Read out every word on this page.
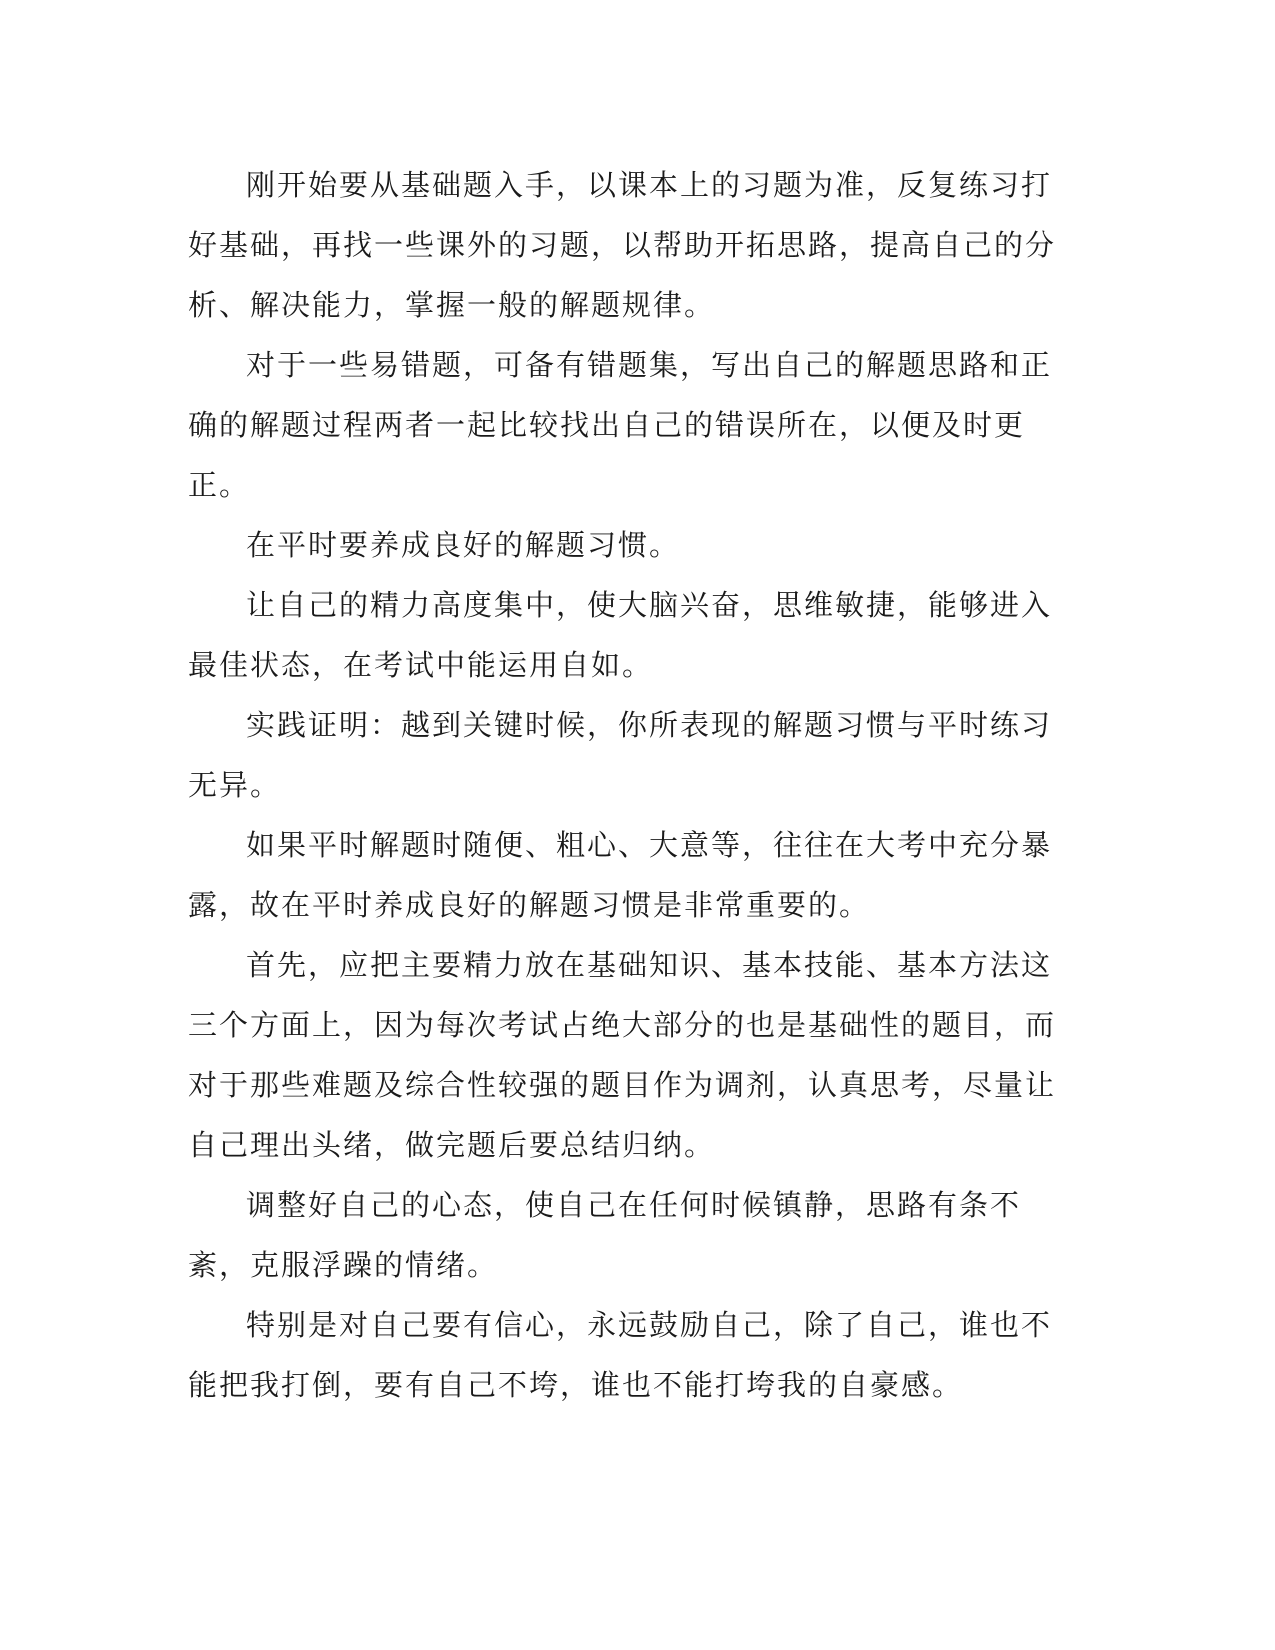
刚开始要从基础题入手，以课本上的习题为准，反复练习打好基础，再找一些课外的习题，以帮助开拓思路，提高自己的分析、解决能力，掌握一般的解题规律。

对于一些易错题，可备有错题集，写出自己的解题思路和正确的解题过程两者一起比较找出自己的错误所在，以便及时更正。

在平时要养成良好的解题习惯。

让自己的精力高度集中，使大脑兴奋，思维敏捷，能够进入最佳状态，在考试中能运用自如。

实践证明：越到关键时候，你所表现的解题习惯与平时练习无异。

如果平时解题时随便、粗心、大意等，往往在大考中充分暴露，故在平时养成良好的解题习惯是非常重要的。

首先，应把主要精力放在基础知识、基本技能、基本方法这三个方面上，因为每次考试占绝大部分的也是基础性的题目，而对于那些难题及综合性较强的题目作为调剂，认真思考，尽量让自己理出头绪，做完题后要总结归纳。

调整好自己的心态，使自己在任何时候镇静，思路有条不紊，克服浮躁的情绪。

特别是对自己要有信心，永远鼓励自己，除了自己，谁也不能把我打倒，要有自己不垮，谁也不能打垮我的自豪感。
